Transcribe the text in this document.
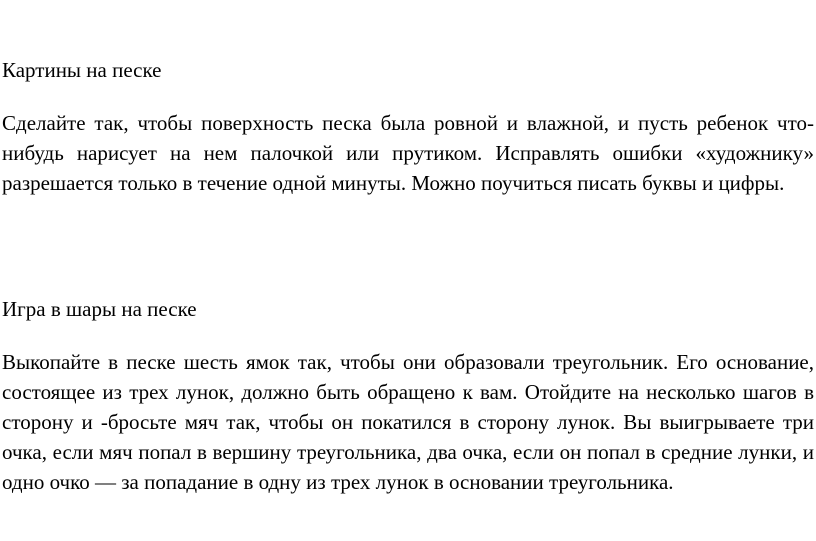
Картины на песке

Сделайте так, чтобы поверхность песка была ровной и влажной, и пусть ребенок что-нибудь нарисует на нем палочкой или прутиком. Исправлять ошибки «художнику» разрешается только в течение одной минуты. Можно поучиться писать буквы и цифры.

Игра в шары на песке

Выкопайте в песке шесть ямок так, чтобы они образовали треугольник. Его основание, состоящее из трех лунок, должно быть обращено к вам. Отойдите на несколько шагов в сторону и -бросьте мяч так, чтобы он покатился в сторону лунок. Вы выигрываете три очка, если мяч попал в вершину треугольника, два очка, если он попал в средние лунки, и одно очко — за попадание в одну из трех лунок в основании треугольника.
